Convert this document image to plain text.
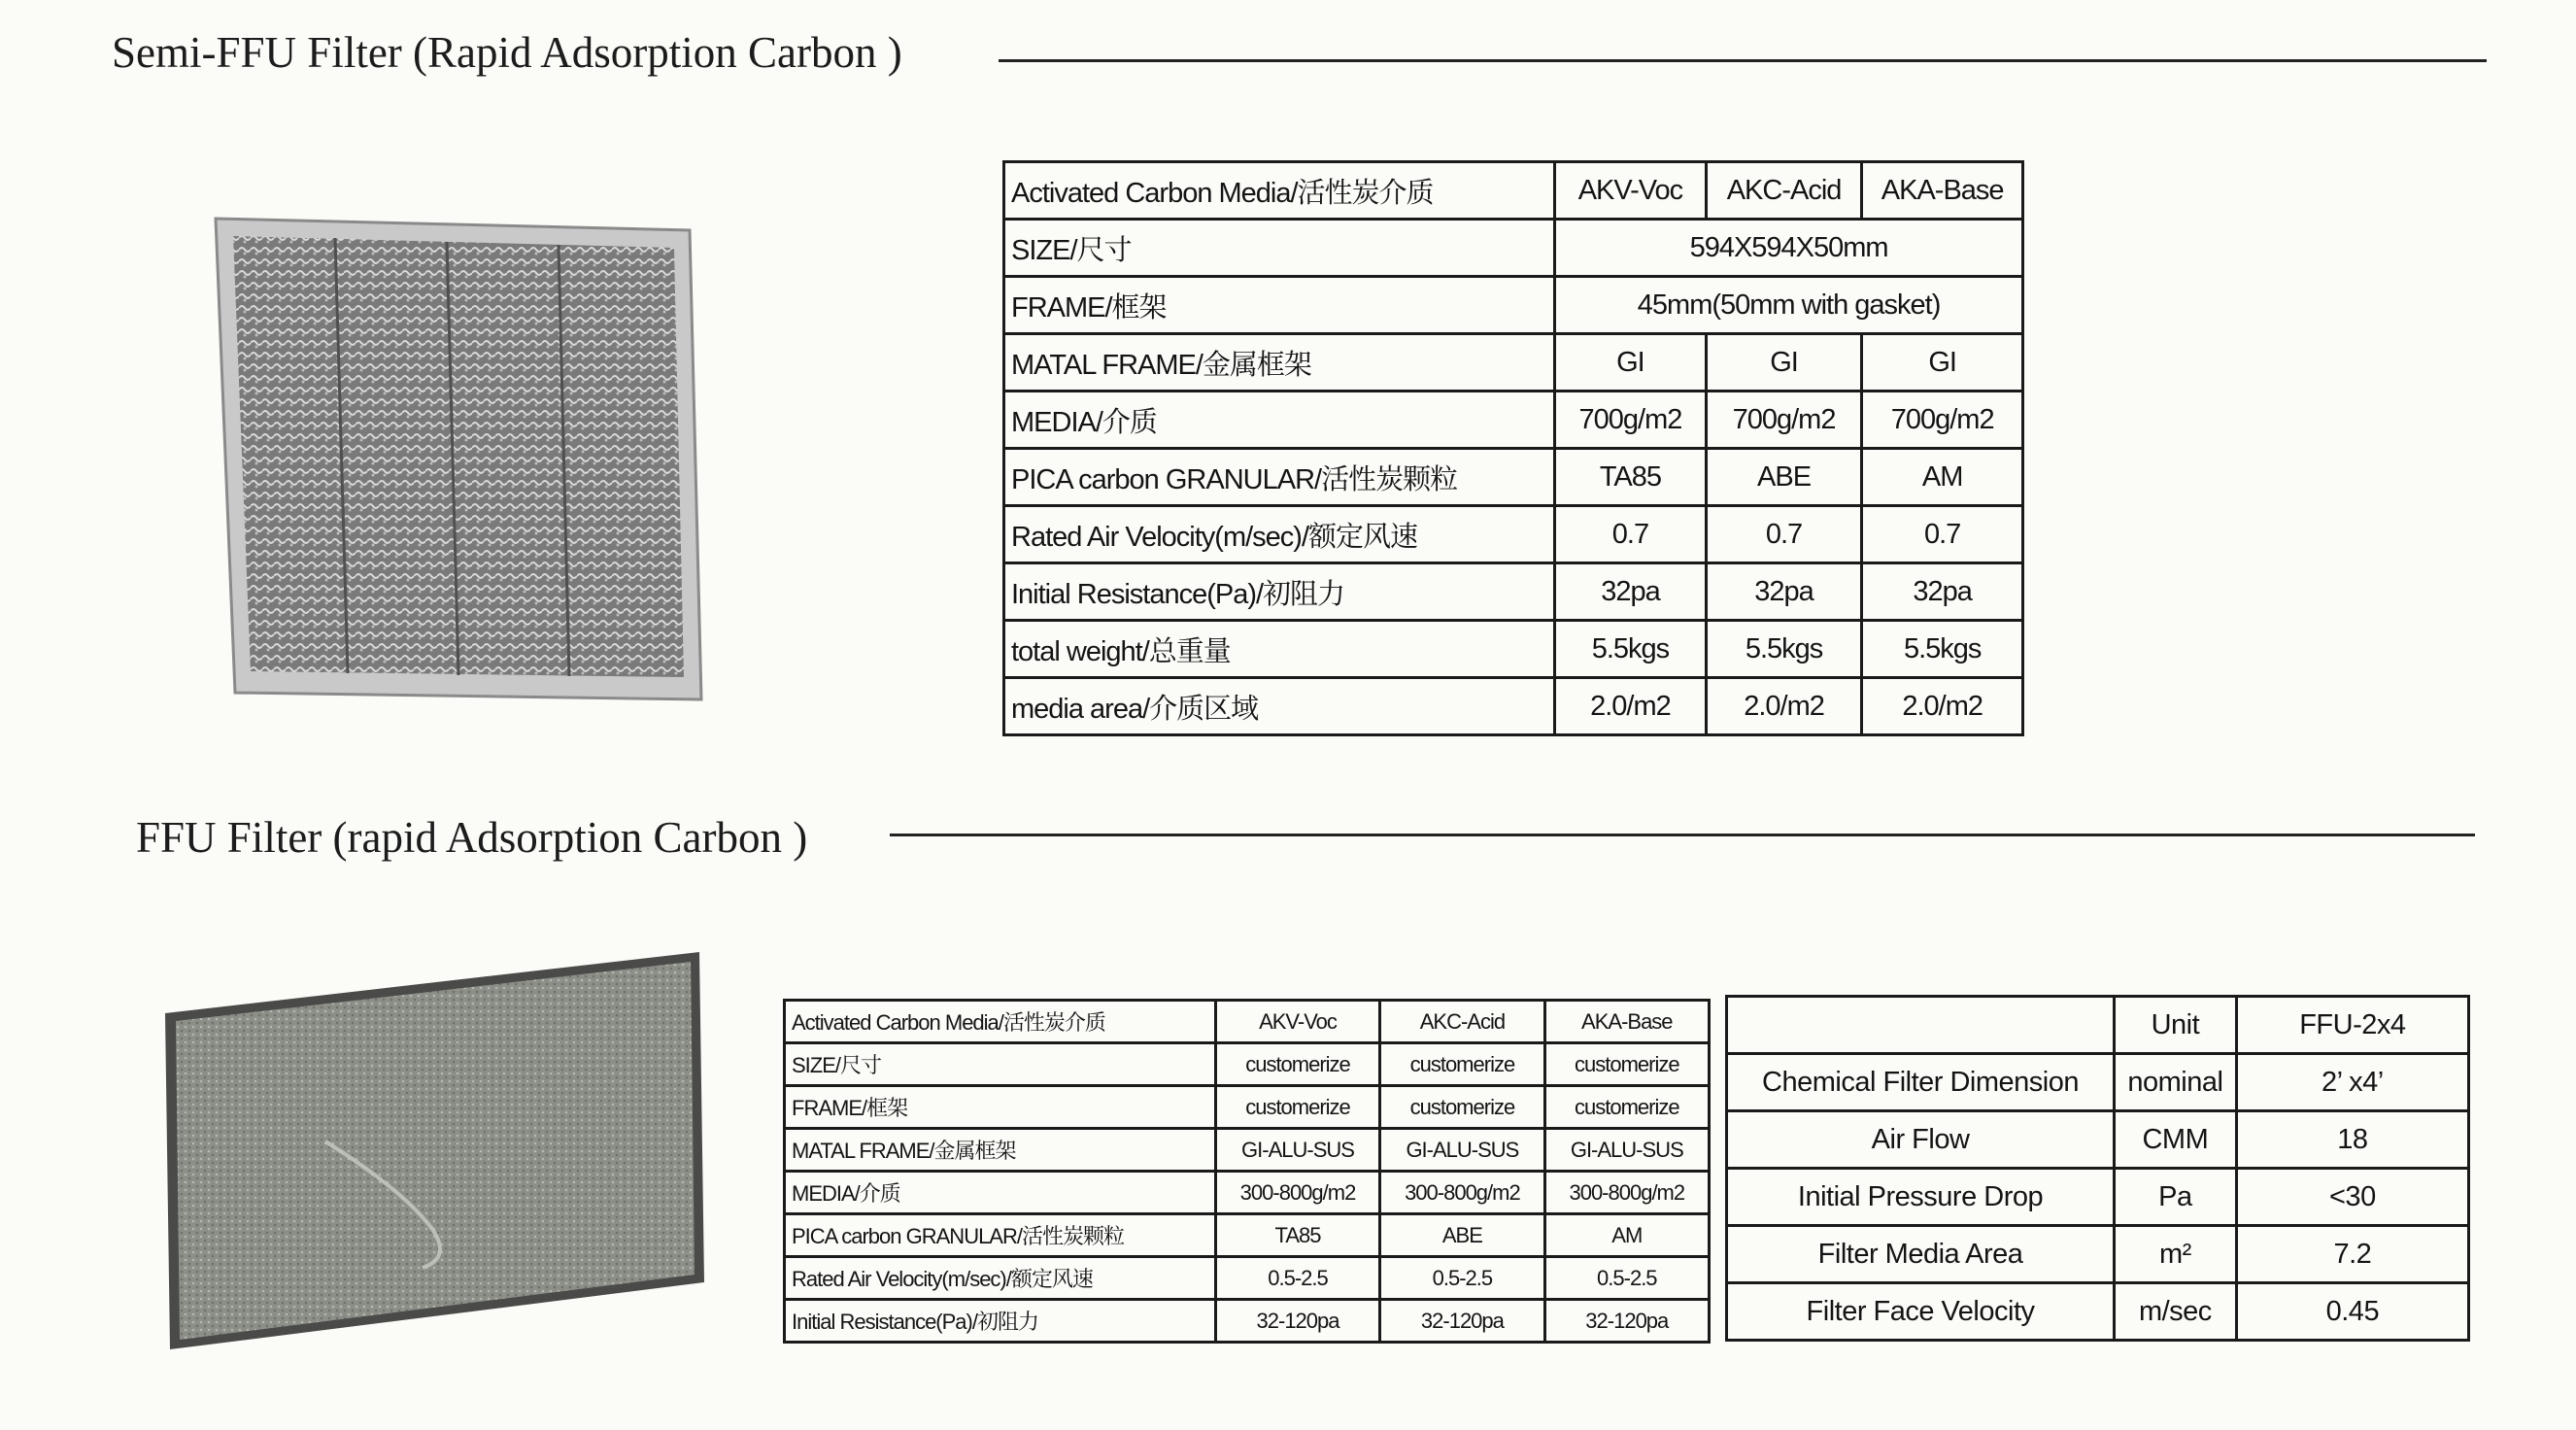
Semi-FFU Filter (Rapid Adsorption Carbon )
Activated Carbon Media/活性炭介质	AKV-Voc	AKC-Acid	AKA-Base
SIZE/尺寸	594X594X50mm		
FRAME/框架	45mm(50mm with gasket)		
MATAL FRAME/金属框架	GI	GI	GI
MEDIA/介质	700g/m2	700g/m2	700g/m2
PICA carbon GRANULAR/活性炭颗粒	TA85	ABE	AM
Rated Air Velocity(m/sec)/额定风速	0.7	0.7	0.7
Initial Resistance(Pa)/初阻力	32pa	32pa	32pa
total weight/总重量	5.5kgs	5.5kgs	5.5kgs
media area/介质区域	2.0/m2	2.0/m2	2.0/m2
FFU Filter (rapid Adsorption Carbon )
Activated Carbon Media/活性炭介质	AKV-Voc	AKC-Acid	AKA-Base
SIZE/尺寸	customerize	customerize	customerize
FRAME/框架	customerize	customerize	customerize
MATAL FRAME/金属框架	GI-ALU-SUS	GI-ALU-SUS	GI-ALU-SUS
MEDIA/介质	300-800g/m2	300-800g/m2	300-800g/m2
PICA carbon GRANULAR/活性炭颗粒	TA85	ABE	AM
Rated Air Velocity(m/sec)/额定风速	0.5-2.5	0.5-2.5	0.5-2.5
Initial Resistance(Pa)/初阻力	32-120pa	32-120pa	32-120pa
	Unit	FFU-2x4
Chemical Filter Dimension	nominal	2’ x4’
Air Flow	CMM	18
Initial Pressure Drop	Pa	<30
Filter Media Area	m²	7.2
Filter Face Velocity	m/sec	0.45
